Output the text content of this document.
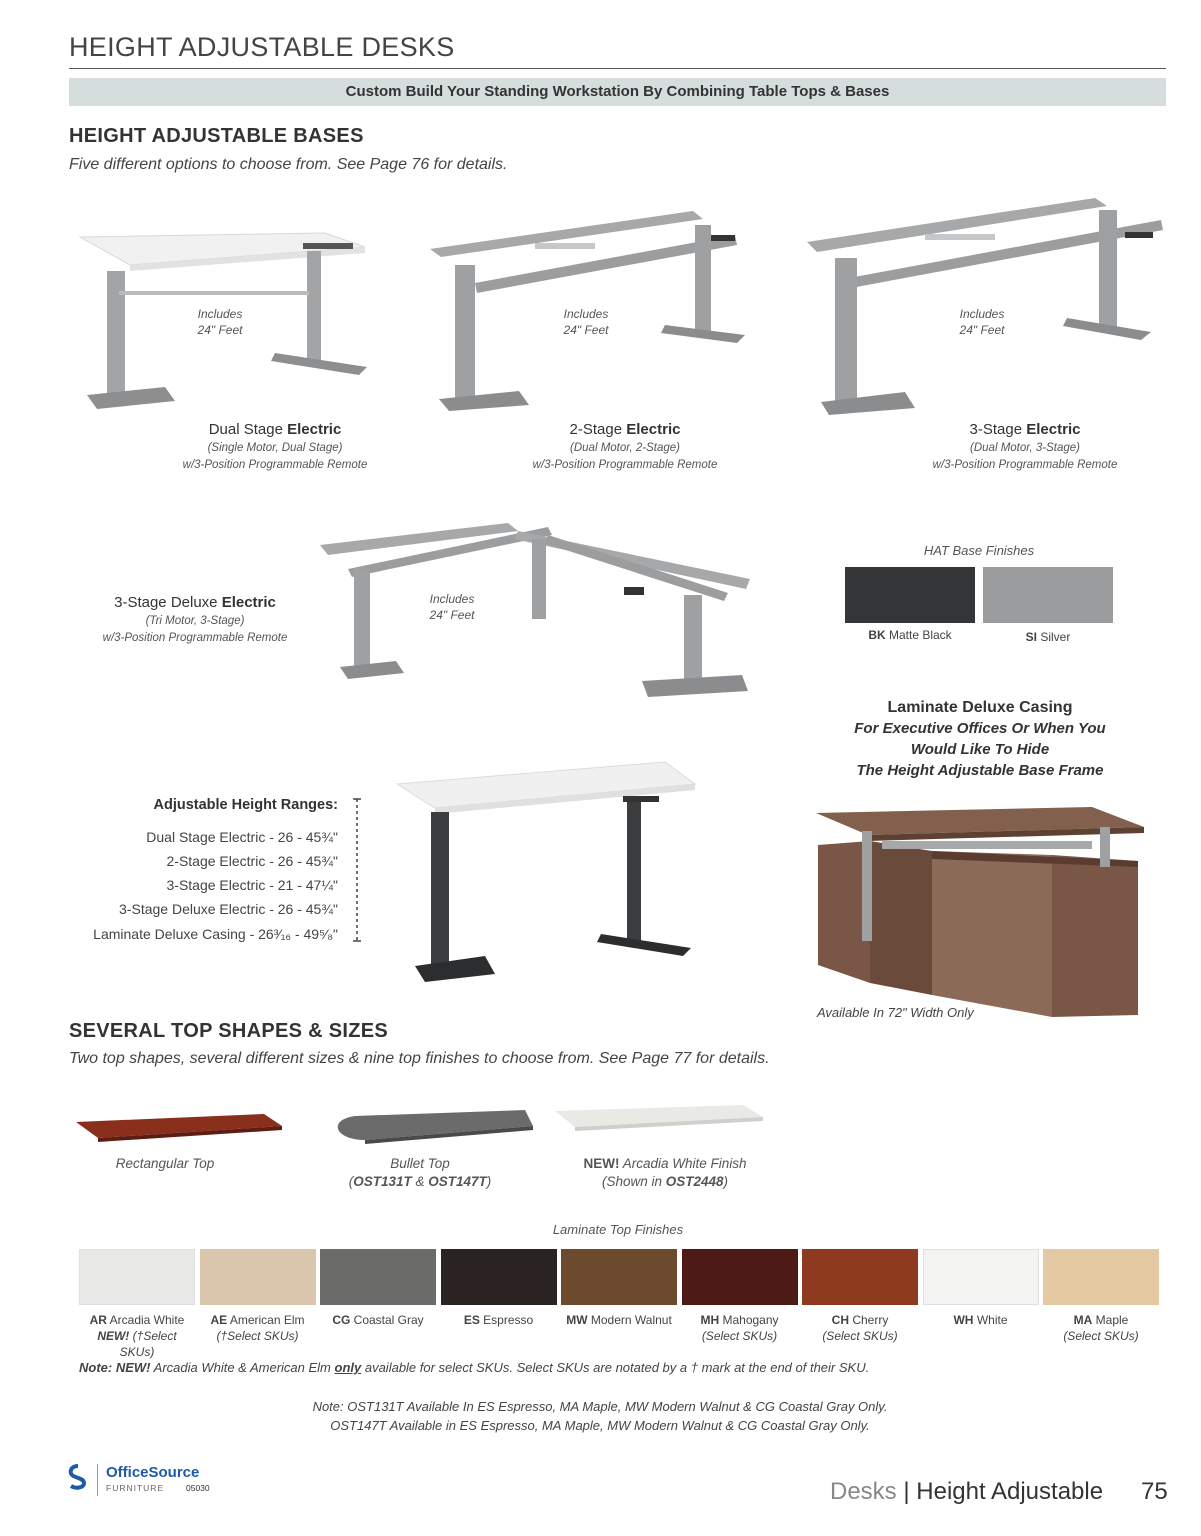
HEIGHT ADJUSTABLE DESKS
Custom Build Your Standing Workstation By Combining Table Tops & Bases
HEIGHT ADJUSTABLE BASES
Five different options to choose from. See Page 76 for details.
Includes
24" Feet
Includes
24" Feet
Includes
24" Feet
Dual Stage Electric
(Single Motor, Dual Stage)
w/3-Position Programmable Remote
2-Stage Electric
(Dual Motor, 2-Stage)
w/3-Position Programmable Remote
3-Stage Electric
(Dual Motor, 3-Stage)
w/3-Position Programmable Remote
Includes
24" Feet
3-Stage Deluxe Electric
(Tri Motor, 3-Stage)
w/3-Position Programmable Remote
HAT Base Finishes
BK Matte Black	SI Silver
Laminate Deluxe Casing
For Executive Offices Or When You
Would Like To Hide
The Height Adjustable Base Frame
Available In 72" Width Only
Adjustable Height Ranges:
Dual Stage Electric - 26 - 45¾"
2-Stage Electric - 26 - 45¾"
3-Stage Electric - 21 - 47¼"
3-Stage Deluxe Electric - 26 - 45¾"
Laminate Deluxe Casing - 26³⁄₁₆ - 49⁵⁄₈"
SEVERAL TOP SHAPES & SIZES
Two top shapes, several different sizes & nine top finishes to choose from. See Page 77 for details.
Rectangular Top	Bullet Top
(OST131T & OST147T)
NEW! Arcadia White Finish
(Shown in OST2448)
Laminate Top Finishes
AR Arcadia White
NEW! (†Select SKUs)
AE American Elm
(†Select SKUs)
CG Coastal Gray	ES Espresso	MW Modern Walnut	MH Mahogany
(Select SKUs)
CH Cherry
(Select SKUs)
WH White	MA Maple
(Select SKUs)
Note: NEW! Arcadia White & American Elm only available for select SKUs. Select SKUs are notated by a † mark at the end of their SKU.
Note: OST131T Available In ES Espresso, MA Maple, MW Modern Walnut & CG Coastal Gray Only.
OST147T Available in ES Espresso, MA Maple, MW Modern Walnut & CG Coastal Gray Only.
OfficeSource
FURNITURE	05030	Desks | Height Adjustable 75
